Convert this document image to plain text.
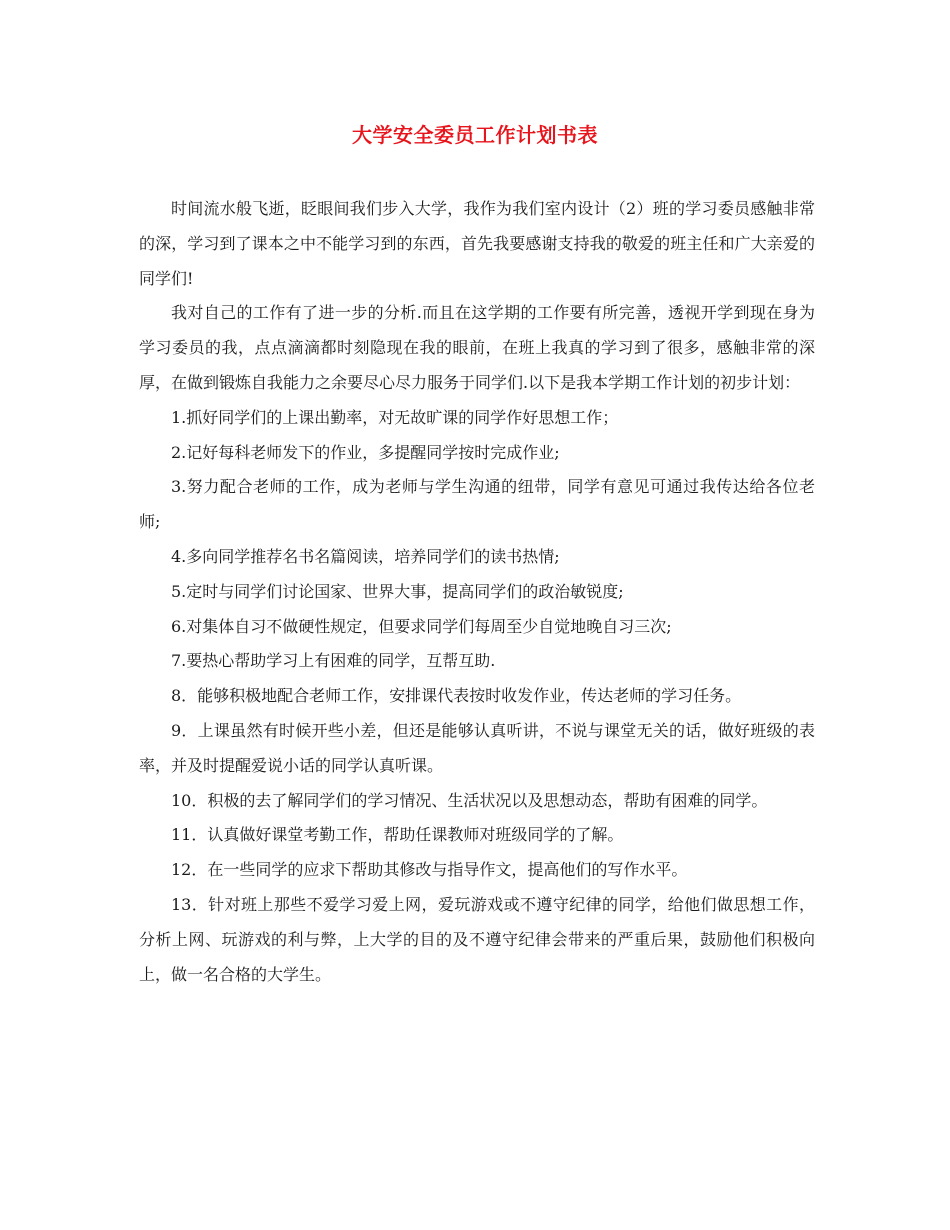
大学安全委员工作计划书表

时间流水般飞逝，眨眼间我们步入大学，我作为我们室内设计（2）班的学习委员感触非常的深，学习到了课本之中不能学习到的东西，首先我要感谢支持我的敬爱的班主任和广大亲爱的同学们!

我对自己的工作有了进一步的分析.而且在这学期的工作要有所完善，透视开学到现在身为学习委员的我，点点滴滴都时刻隐现在我的眼前，在班上我真的学习到了很多，感触非常的深厚，在做到锻炼自我能力之余要尽心尽力服务于同学们.以下是我本学期工作计划的初步计划：

1.抓好同学们的上课出勤率，对无故旷课的同学作好思想工作；

2.记好每科老师发下的作业，多提醒同学按时完成作业;

3.努力配合老师的工作，成为老师与学生沟通的纽带，同学有意见可通过我传达给各位老师;

4.多向同学推荐名书名篇阅读，培养同学们的读书热情;

5.定时与同学们讨论国家、世界大事，提高同学们的政治敏锐度;

6.对集体自习不做硬性规定，但要求同学们每周至少自觉地晚自习三次;

7.要热心帮助学习上有困难的同学，互帮互助.

8．能够积极地配合老师工作，安排课代表按时收发作业，传达老师的学习任务。

9．上课虽然有时候开些小差，但还是能够认真听讲，不说与课堂无关的话，做好班级的表率，并及时提醒爱说小话的同学认真听课。

10．积极的去了解同学们的学习情况、生活状况以及思想动态，帮助有困难的同学。

11．认真做好课堂考勤工作，帮助任课教师对班级同学的了解。

12．在一些同学的应求下帮助其修改与指导作文，提高他们的写作水平。

13．针对班上那些不爱学习爱上网，爱玩游戏或不遵守纪律的同学，给他们做思想工作，分析上网、玩游戏的利与弊，上大学的目的及不遵守纪律会带来的严重后果，鼓励他们积极向上，做一名合格的大学生。
